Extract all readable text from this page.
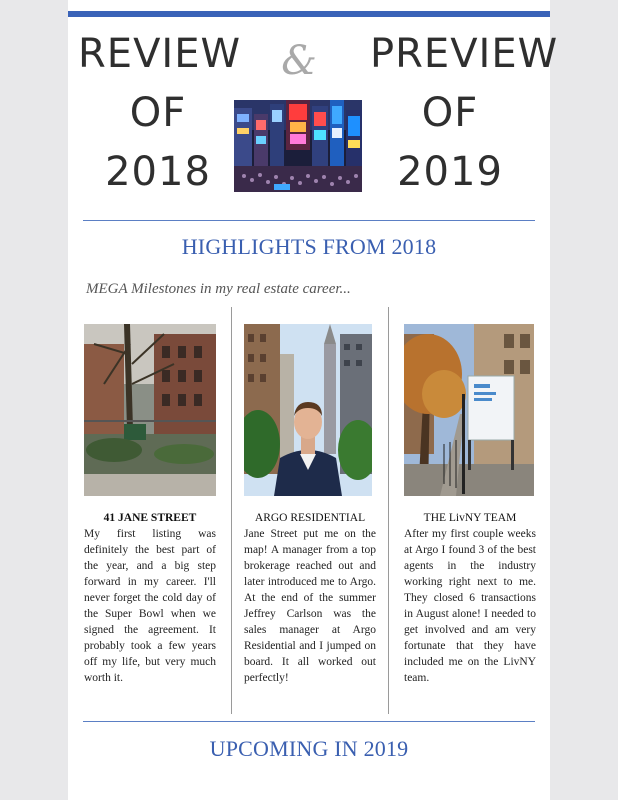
REVIEW
OF
2018
& PREVIEW
OF
2019
HIGHLIGHTS FROM 2018
MEGA Milestones in my real estate career...
41 JANE STREET
My first listing was definitely the best part of the year, and a big step forward in my career. I'll never forget the cold day of the Super Bowl when we signed the agreement. It probably took a few years off my life, but very much worth it.
ARGO RESIDENTIAL
Jane Street put me on the map! A manager from a top brokerage reached out and later introduced me to Argo. At the end of the summer Jeffrey Carlson was the sales manager at Argo Residential and I jumped on board. It all worked out perfectly!
THE LivNY TEAM
After my first couple weeks at Argo I found 3 of the best agents in the industry working right next to me. They closed 6 transactions in August alone! I needed to get involved and am very fortunate that they have included me on the LivNY team.
UPCOMING IN 2019
